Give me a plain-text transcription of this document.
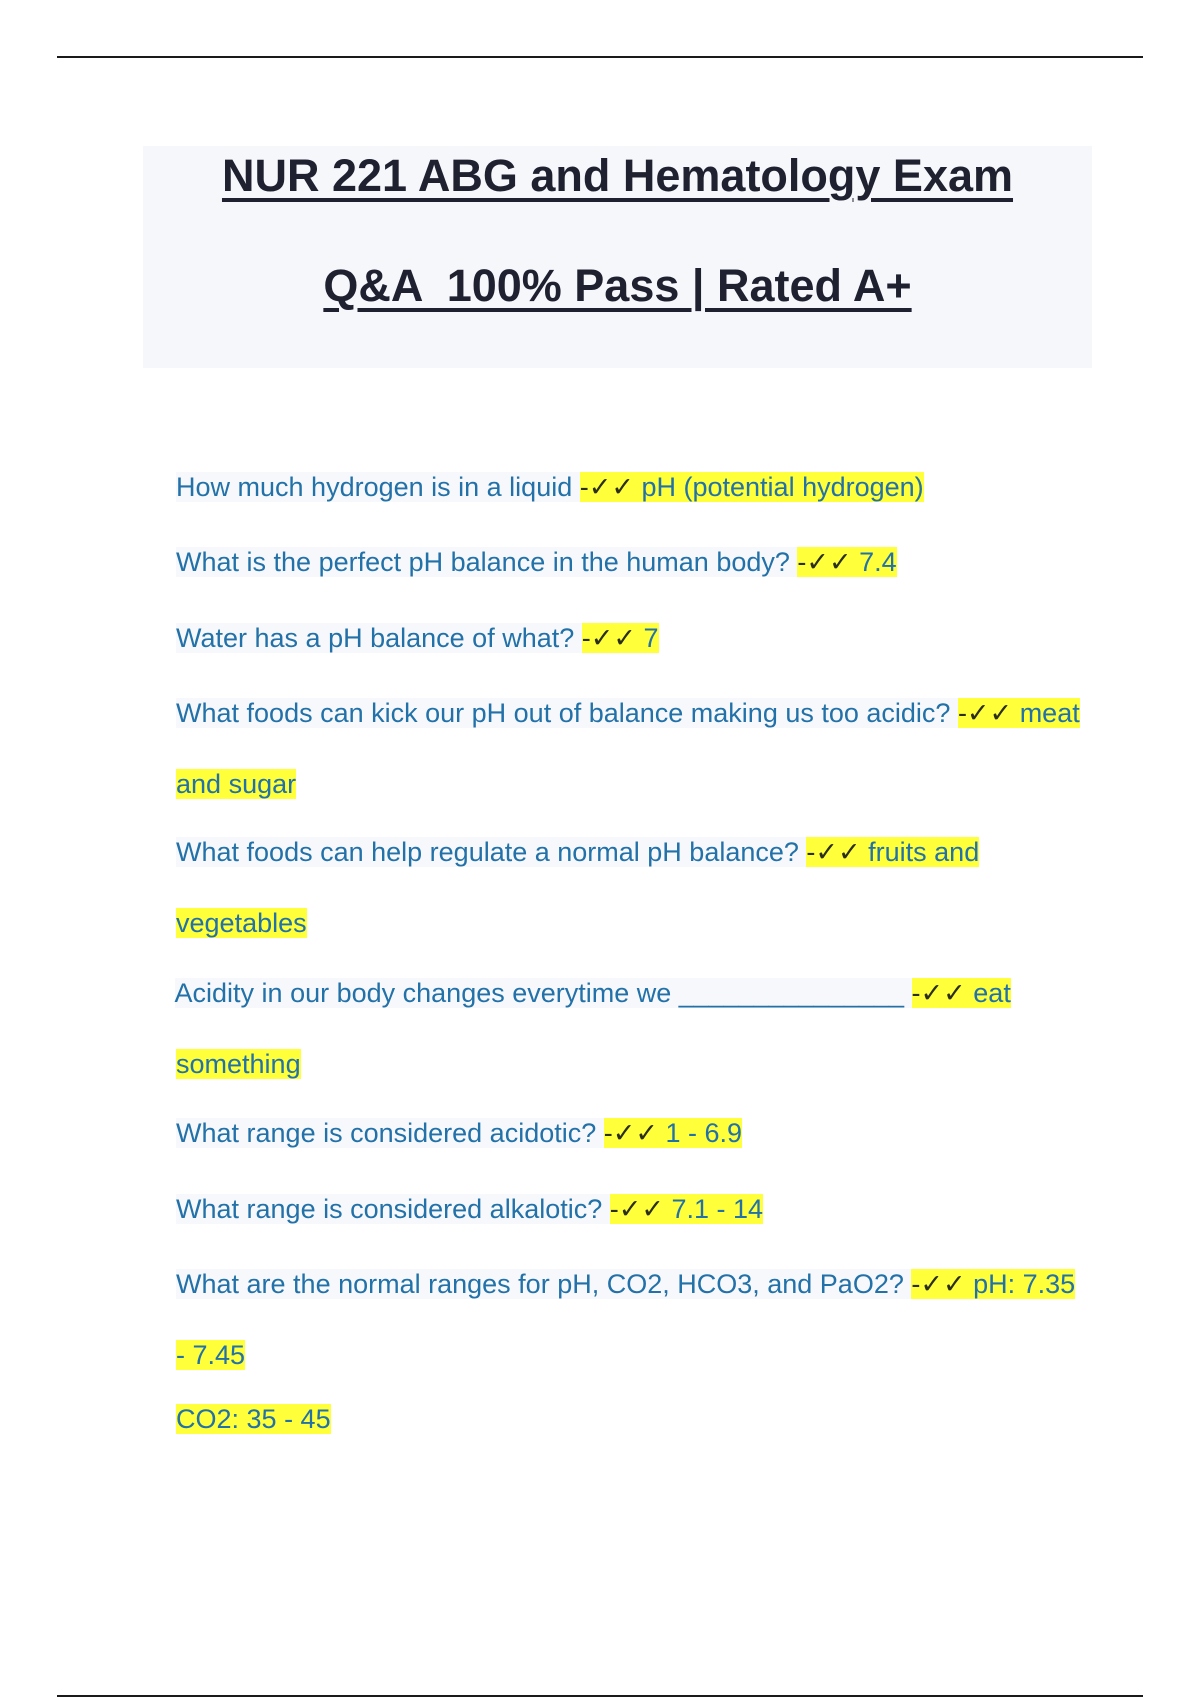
NUR 221 ABG and Hematology Exam
Q&A  100% Pass | Rated A+

How much hydrogen is in a liquid -✓✓ pH (potential hydrogen)

What is the perfect pH balance in the human body? -✓✓ 7.4

Water has a pH balance of what? -✓✓ 7

What foods can kick our pH out of balance making us too acidic? -✓✓ meat

and sugar

What foods can help regulate a normal pH balance? -✓✓ fruits and

vegetables

Acidity in our body changes everytime we _______________ -✓✓ eat

something

What range is considered acidotic? -✓✓ 1 - 6.9

What range is considered alkalotic? -✓✓ 7.1 - 14

What are the normal ranges for pH, CO2, HCO3, and PaO2? -✓✓ pH: 7.35

- 7.45

CO2: 35 - 45
